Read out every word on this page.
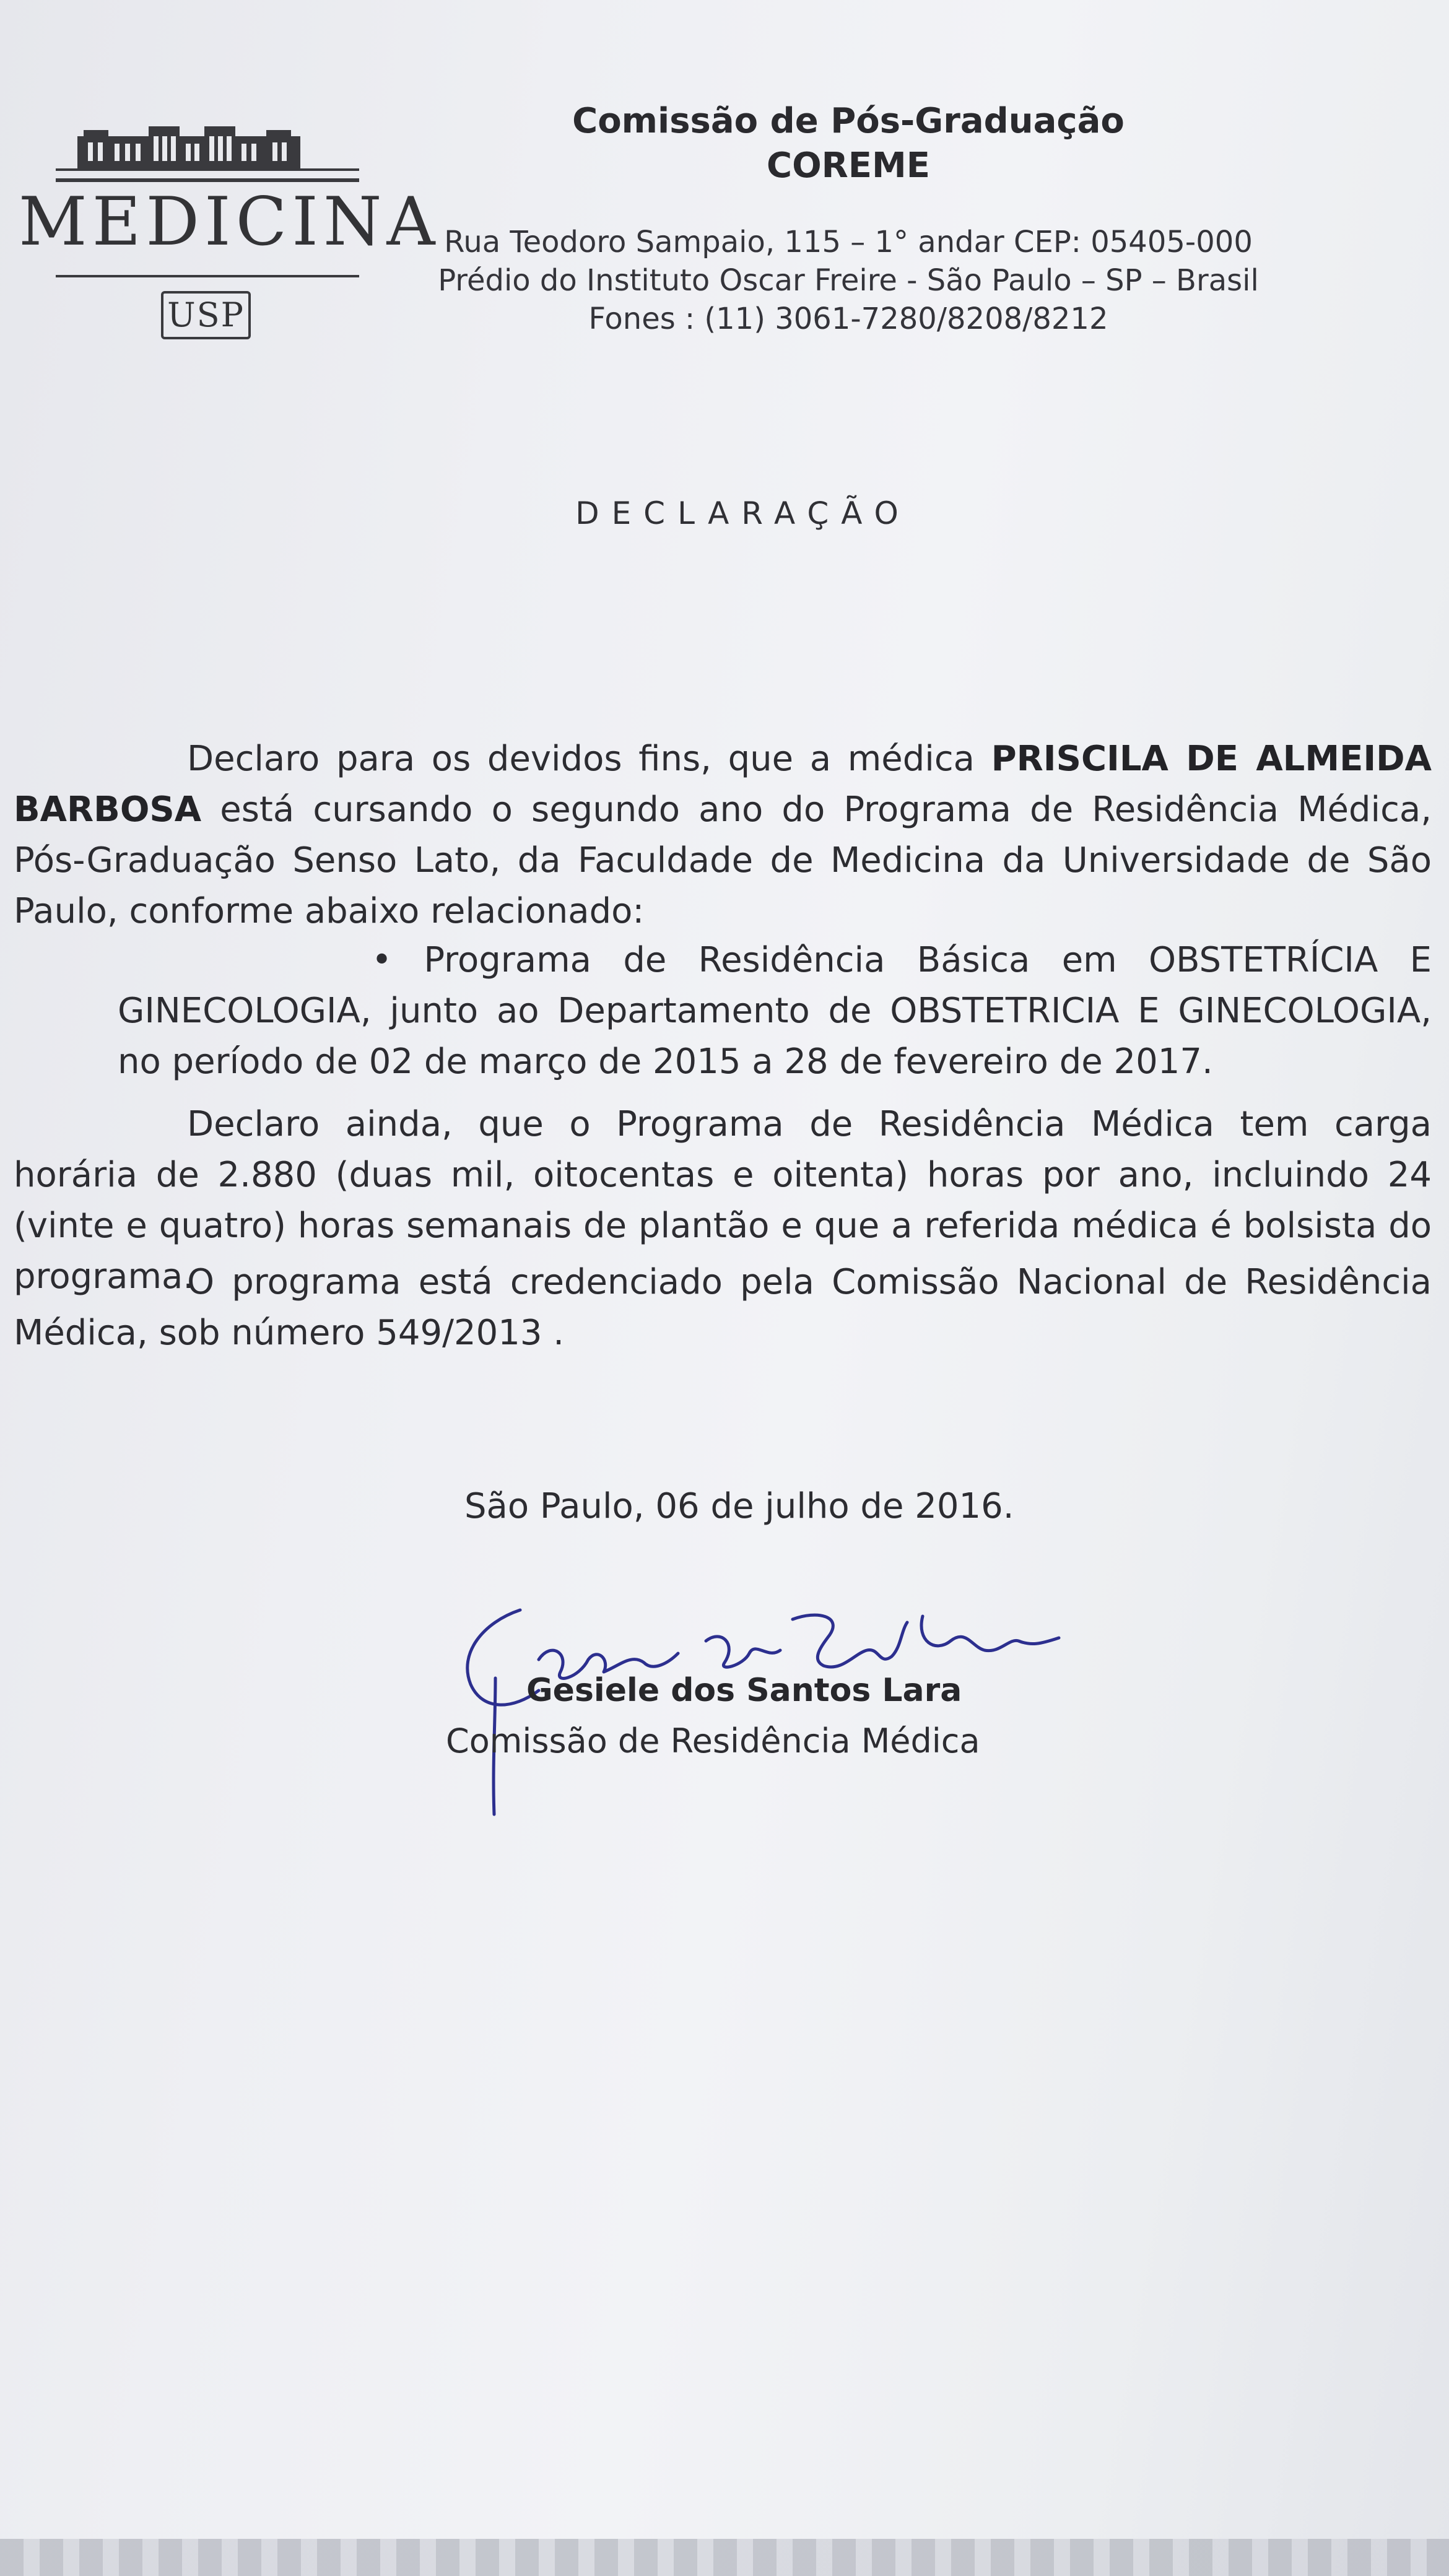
MEDICINA
USP
Comissão de Pós-Graduação
COREME
Rua Teodoro Sampaio, 115 – 1° andar CEP: 05405-000
Prédio do Instituto Oscar Freire - São Paulo – SP – Brasil
Fones : (11) 3061-7280/8208/8212
DECLARAÇÃO

Declaro para os devidos fins, que a médica PRISCILA DE ALMEIDA BARBOSA está cursando o segundo ano do Programa de Residência Médica, Pós-Graduação Senso Lato, da Faculdade de Medicina da Universidade de São Paulo, conforme abaixo relacionado:

• Programa de Residência Básica em OBSTETRÍCIA E GINECOLOGIA, junto ao Departamento de OBSTETRICIA E GINECOLOGIA, no período de 02 de março de 2015 a 28 de fevereiro de 2017.

Declaro ainda, que o Programa de Residência Médica tem carga horária de 2.880 (duas mil, oitocentas e oitenta) horas por ano, incluindo 24 (vinte e quatro) horas semanais de plantão e que a referida médica é bolsista do programa.

O programa está credenciado pela Comissão Nacional de Residência Médica, sob número 549/2013 .

São Paulo, 06 de julho de 2016.
Gesiele dos Santos Lara
Comissão de Residência Médica
